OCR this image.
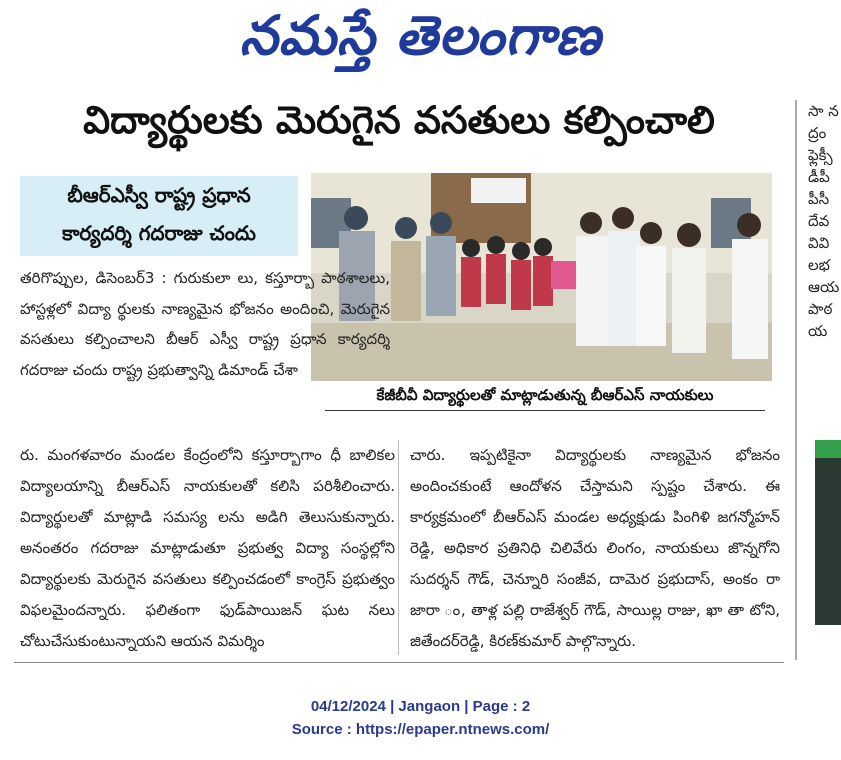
నమస్తే తెలంగాణ
విద్యార్థులకు మెరుగైన వసతులు కల్పించాలి
బీఆర్ఎస్వీ రాష్ట్ర ప్రధాన
కార్యదర్శి గదరాజు చందు
కేజీబీవీ విద్యార్థులతో మాట్లాడుతున్న బీఆర్ఎస్ నాయకులు

తరిగొప్పుల, డిసెంబర్3 : గురుకులా లు, కస్తూర్బా పాఠశాలలు, హాస్టళ్లలో విద్యా ర్థులకు నాణ్యమైన భోజనం అందించి, మెరుగైన వసతులు కల్పించాలని బీఆర్ ఎస్వీ రాష్ట్ర ప్రధాన కార్యదర్శి గదరాజు చందు రాష్ట్ర ప్రభుత్వాన్ని డిమాండ్ చేశా

రు. మంగళవారం మండల కేంద్రంలోని కస్తూర్బాగాం ధీ బాలికల విద్యాలయాన్ని బీఆర్ఎస్ నాయకులతో కలిసి పరిశీలించారు. విద్యార్థులతో మాట్లాడి సమస్య లను అడిగి తెలుసుకున్నారు. అనంతరం గదరాజు మాట్లాడుతూ ప్రభుత్వ విద్యా సంస్థల్లోని విద్యార్థులకు మెరుగైన వసతులు కల్పించడంలో కాంగ్రెస్ ప్రభుత్వం విఫలమైందన్నారు. ఫలితంగా ఫుడ్‌పాయిజన్ ఘట నలు చోటుచేసుకుంటున్నాయని ఆయన విమర్శిం
చారు. ఇప్పటికైనా విద్యార్థులకు నాణ్యమైన భోజనం అందించకుంటే ఆందోళన చేస్తామని స్పష్టం చేశారు. ఈ కార్యక్రమంలో బీఆర్ఎస్ మండల అధ్యక్షుడు పింగిళి జగన్మోహన్ రెడ్డి, అధికార ప్రతినిధి చిలివేరు లింగం, నాయకులు జొన్నగోని సుదర్శన్ గౌడ్, చెన్నూరి సంజీవ, దామెర ప్రభుదాస్, అంకం రా జారా ం, తాళ్ల పల్లి రాజేశ్వర్ గౌడ్, సాయిల్ల రాజు, ఖా తా టోని, జితేందర్‌రెడ్డి, కిరణ్‌కుమార్ పాల్గొన్నారు.
సా న ద్రం ఫ్లెక్సీ డీపీ పీసీ దేవ వివి లభ ఆయ పాఠ య
04/12/2024 | Jangaon | Page : 2
Source : https://epaper.ntnews.com/
